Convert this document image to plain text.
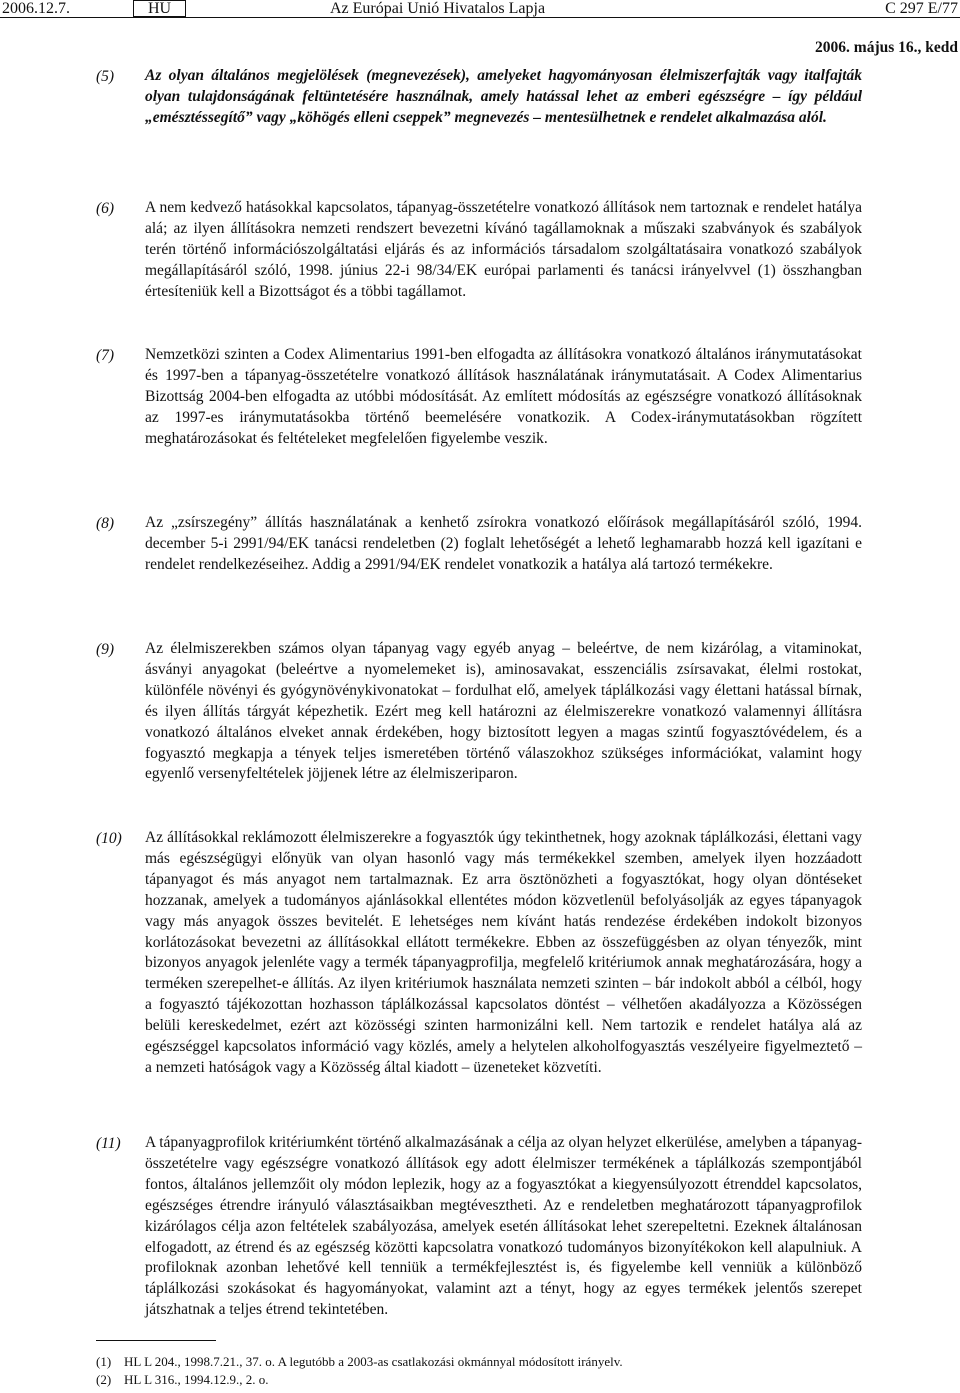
2006.12.7.	HU	Az Európai Unió Hivatalos Lapja	C 297 E/77
2006. május 16., kedd
(5) Az olyan általános megjelölések (megnevezések), amelyeket hagyományosan élelmiszerfajták vagy italfajták olyan tulajdonságának feltüntetésére használnak, amely hatással lehet az emberi egészségre – így például „emésztéssegítő” vagy „köhögés elleni cseppek” megnevezés – mentesülhetnek e rendelet alkalmazása alól.
(6) A nem kedvező hatásokkal kapcsolatos, tápanyag-összetételre vonatkozó állítások nem tartoznak e rendelet hatálya alá; az ilyen állításokra nemzeti rendszert bevezetni kívánó tagállamoknak a műszaki szabványok és szabályok terén történő információszolgáltatási eljárás és az információs társadalom szolgáltatásaira vonatkozó szabályok megállapításáról szóló, 1998. június 22-i 98/34/EK európai parlamenti és tanácsi irányelvvel (1) összhangban értesíteniük kell a Bizottságot és a többi tagállamot.
(7) Nemzetközi szinten a Codex Alimentarius 1991-ben elfogadta az állításokra vonatkozó általános iránymutatásokat és 1997-ben a tápanyag-összetételre vonatkozó állítások használatának iránymutatásait. A Codex Alimentarius Bizottság 2004-ben elfogadta az utóbbi módosítását. Az említett módosítás az egészségre vonatkozó állításoknak az 1997-es iránymutatásokba történő beemelésére vonatkozik. A Codex-iránymutatásokban rögzített meghatározásokat és feltételeket megfelelően figyelembe veszik.
(8) Az „zsírszegény” állítás használatának a kenhető zsírokra vonatkozó előírások megállapításáról szóló, 1994. december 5-i 2991/94/EK tanácsi rendeletben (2) foglalt lehetőségét a lehető leghamarabb hozzá kell igazítani e rendelet rendelkezéseihez. Addig a 2991/94/EK rendelet vonatkozik a hatálya alá tartozó termékekre.
(9) Az élelmiszerekben számos olyan tápanyag vagy egyéb anyag – beleértve, de nem kizárólag, a vitaminokat, ásványi anyagokat (beleértve a nyomelemeket is), aminosavakat, esszenciális zsírsavakat, élelmi rostokat, különféle növényi és gyógynövénykivonatokat – fordulhat elő, amelyek táplálkozási vagy élettani hatással bírnak, és ilyen állítás tárgyát képezhetik. Ezért meg kell határozni az élelmiszerekre vonatkozó valamennyi állításra vonatkozó általános elveket annak érdekében, hogy biztosított legyen a magas szintű fogyasztóvédelem, és a fogyasztó megkapja a tények teljes ismeretében történő válaszokhoz szükséges információkat, valamint hogy egyenlő versenyfeltételek jöjjenek létre az élelmiszeriparon.
(10) Az állításokkal reklámozott élelmiszerekre a fogyasztók úgy tekinthetnek, hogy azoknak táplálkozási, élettani vagy más egészségügyi előnyük van olyan hasonló vagy más termékekkel szemben, amelyek ilyen hozzáadott tápanyagot és más anyagot nem tartalmaznak. Ez arra ösztönözheti a fogyasztókat, hogy olyan döntéseket hozzanak, amelyek a tudományos ajánlásokkal ellentétes módon közvetlenül befolyásolják az egyes tápanyagok vagy más anyagok összes bevitelét. E lehetséges nem kívánt hatás rendezése érdekében indokolt bizonyos korlátozásokat bevezetni az állításokkal ellátott termékekre. Ebben az összefüggésben az olyan tényezők, mint bizonyos anyagok jelenléte vagy a termék tápanyagprofilja, megfelelő kritériumok annak meghatározására, hogy a terméken szerepelhet-e állítás. Az ilyen kritériumok használata nemzeti szinten – bár indokolt abból a célból, hogy a fogyasztó tájékozottan hozhasson táplálkozással kapcsolatos döntést – vélhetően akadályozza a Közösségen belüli kereskedelmet, ezért azt közösségi szinten harmonizálni kell. Nem tartozik e rendelet hatálya alá az egészséggel kapcsolatos információ vagy közlés, amely a helytelen alkoholfogyasztás veszélyeire figyelmeztető – a nemzeti hatóságok vagy a Közösség által kiadott – üzeneteket közvetíti.
(11) A tápanyagprofilok kritériumként történő alkalmazásának a célja az olyan helyzet elkerülése, amelyben a tápanyag-összetételre vagy egészségre vonatkozó állítások egy adott élelmiszer termékének a táplálkozás szempontjából fontos, általános jellemzőit oly módon leplezik, hogy az a fogyasztókat a kiegyensúlyozott étrenddel kapcsolatos, egészséges étrendre irányuló választásaikban megtévesztheti. Az e rendeletben meghatározott tápanyagprofilok kizárólagos célja azon feltételek szabályozása, amelyek esetén állításokat lehet szerepeltetni. Ezeknek általánosan elfogadott, az étrend és az egészség közötti kapcsolatra vonatkozó tudományos bizonyítékokon kell alapulniuk. A profiloknak azonban lehetővé kell tenniük a termékfejlesztést is, és figyelembe kell venniük a különböző táplálkozási szokásokat és hagyományokat, valamint azt a tényt, hogy az egyes termékek jelentős szerepet játszhatnak a teljes étrend tekintetében.
(1) HL L 204., 1998.7.21., 37. o. A legutóbb a 2003-as csatlakozási okmánnyal módosított irányelv.
(2) HL L 316., 1994.12.9., 2. o.
